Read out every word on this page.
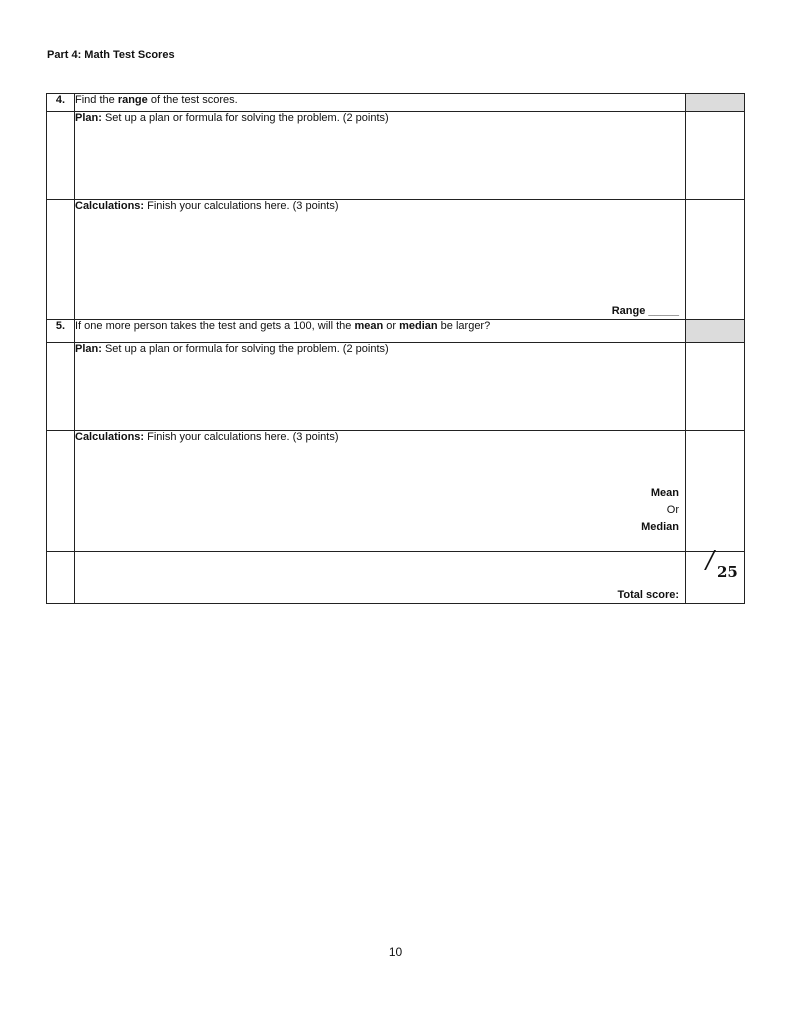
Part 4: Math Test Scores
4.	Find the range of the test scores.	
	Plan: Set up a plan or formula for solving the problem. (2 points)	
	Calculations: Finish your calculations here. (3 points)
Range _____	

5.	If one more person takes the test and gets a 100, will the mean or median be larger?	
	Plan: Set up a plan or formula for solving the problem. (2 points)	
	Calculations: Finish your calculations here. (3 points)
Mean
Or
Median	

	Total score:	/ 25
10
